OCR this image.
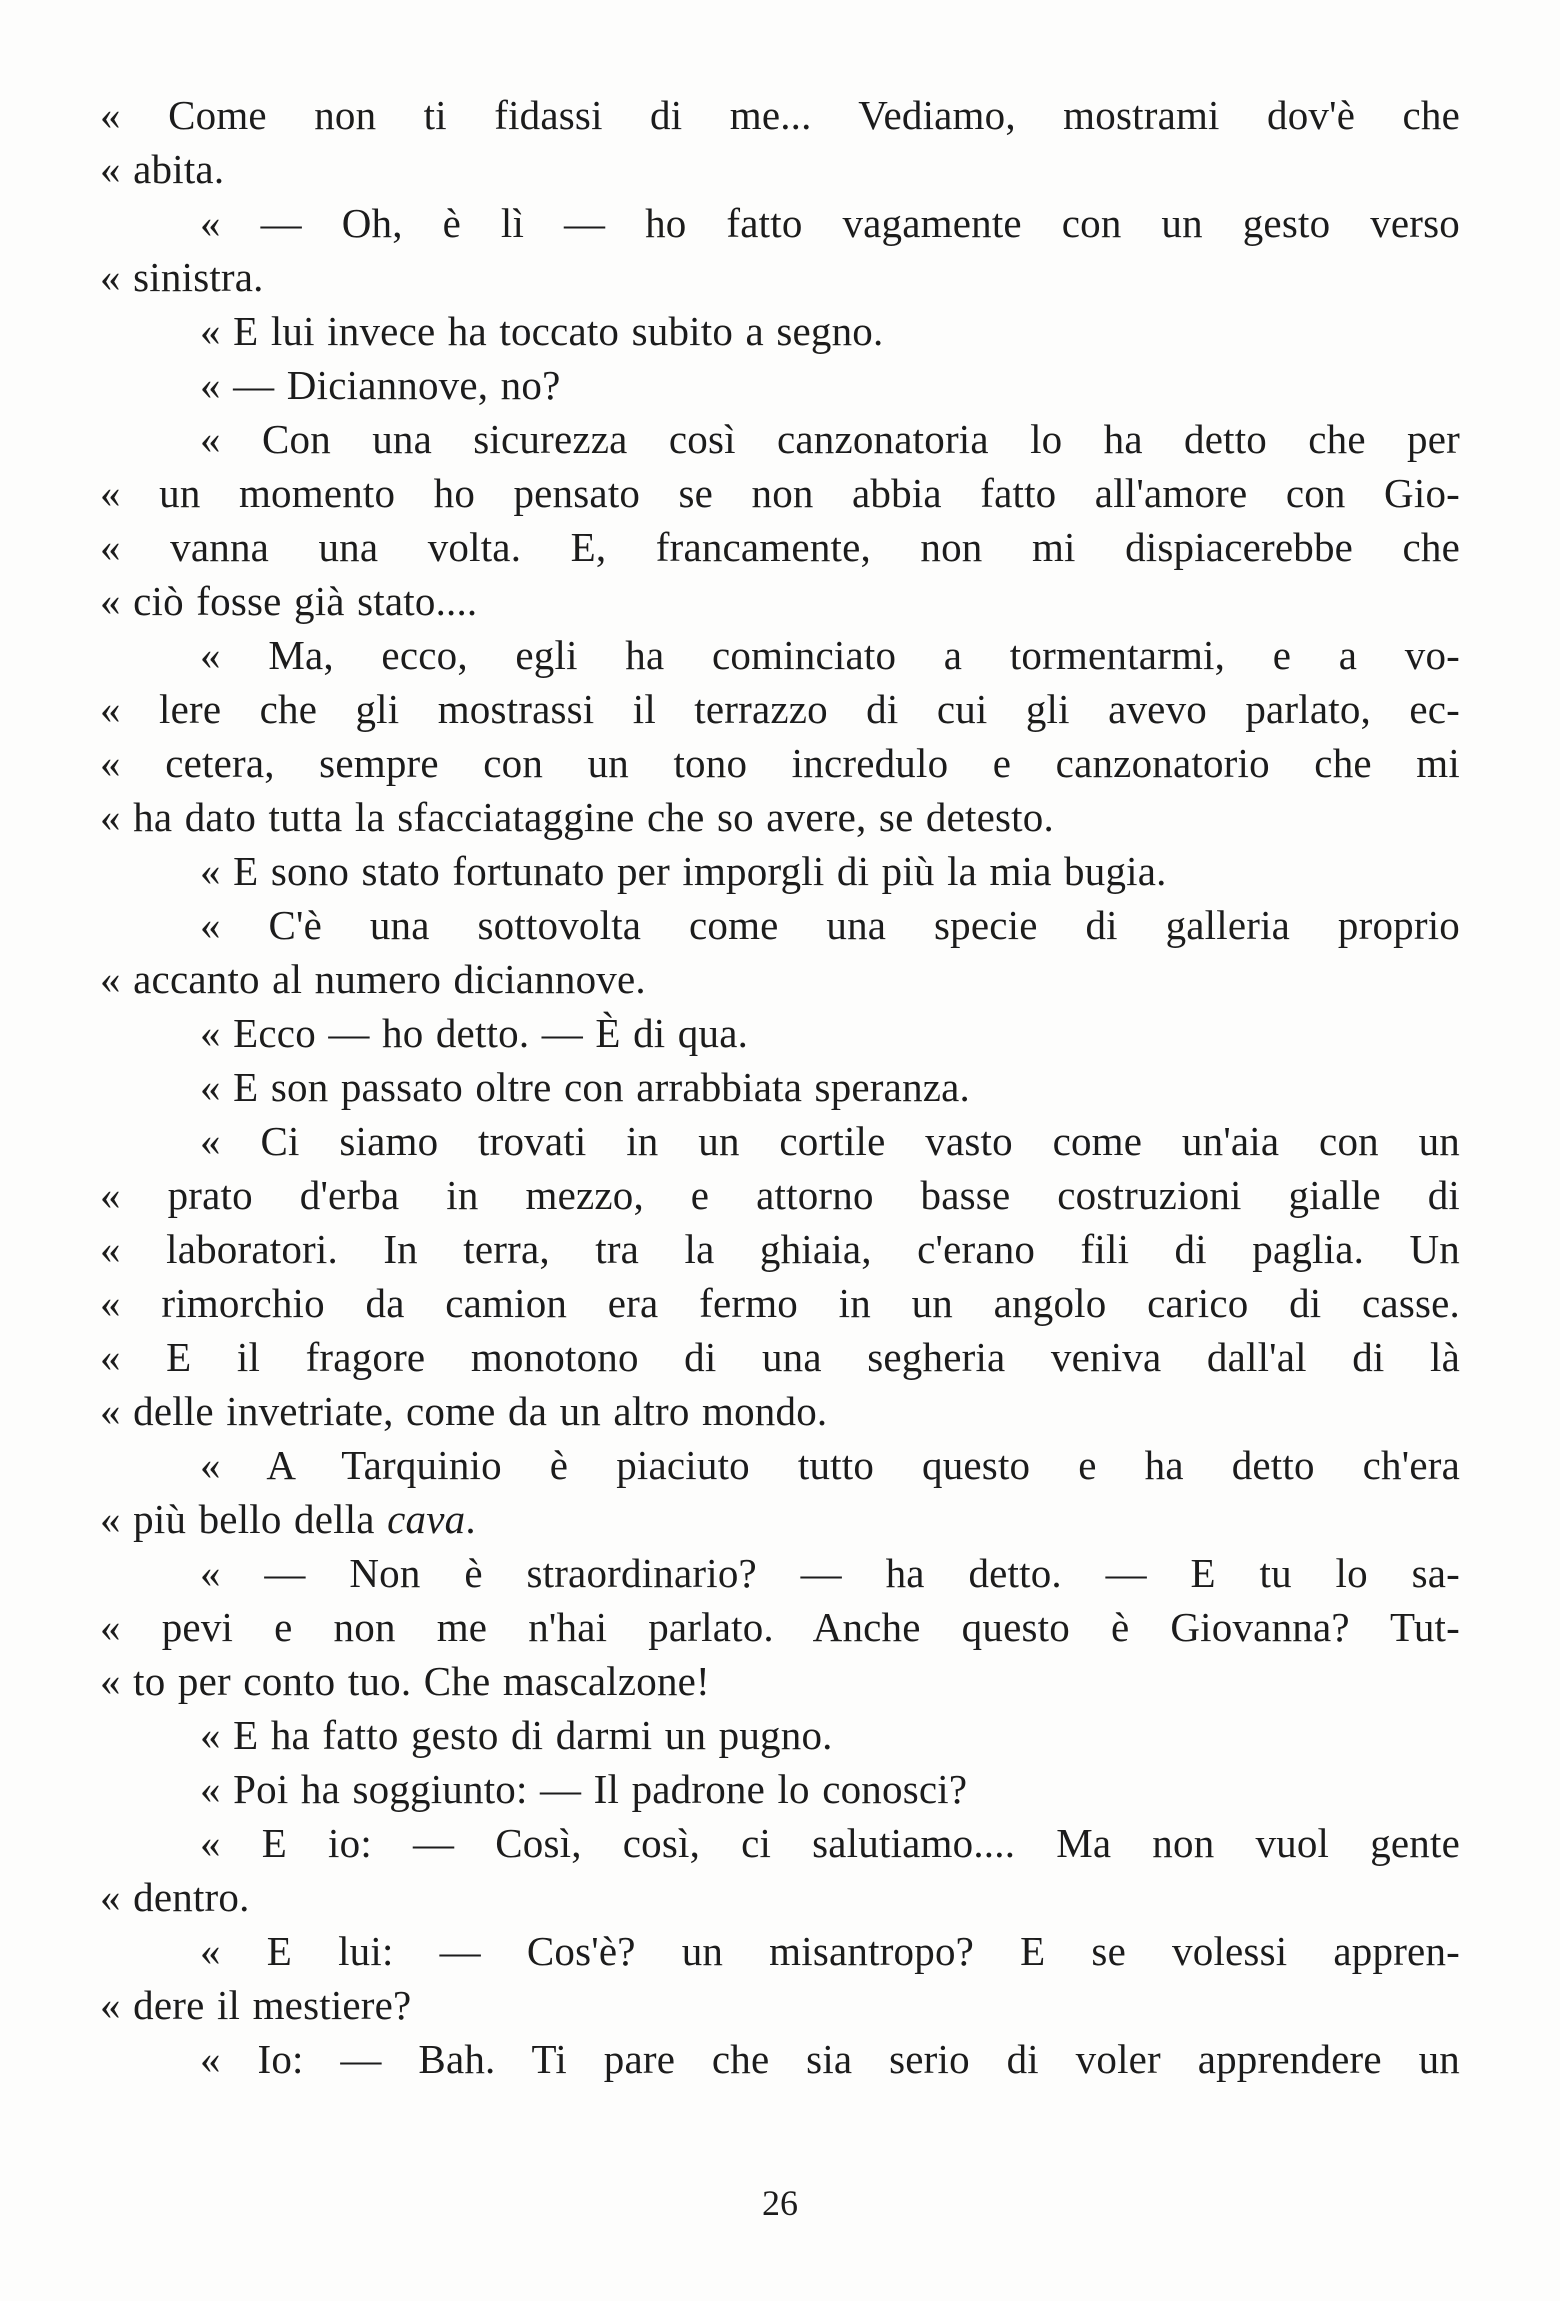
« Come non ti fidassi di me... Vediamo, mostrami dov'è che
« abita.
« — Oh, è lì — ho fatto vagamente con un gesto verso
« sinistra.
« E lui invece ha toccato subito a segno.
« — Diciannove, no?
« Con una sicurezza così canzonatoria lo ha detto che per
« un momento ho pensato se non abbia fatto all'amore con Gio-
« vanna una volta. E, francamente, non mi dispiacerebbe che
« ciò fosse già stato....
« Ma, ecco, egli ha cominciato a tormentarmi, e a vo-
« lere che gli mostrassi il terrazzo di cui gli avevo parlato, ec-
« cetera, sempre con un tono incredulo e canzonatorio che mi
« ha dato tutta la sfacciataggine che so avere, se detesto.
« E sono stato fortunato per imporgli di più la mia bugia.
« C'è una sottovolta come una specie di galleria proprio
« accanto al numero diciannove.
« Ecco — ho detto. — È di qua.
« E son passato oltre con arrabbiata speranza.
« Ci siamo trovati in un cortile vasto come un'aia con un
« prato d'erba in mezzo, e attorno basse costruzioni gialle di
« laboratori. In terra, tra la ghiaia, c'erano fili di paglia. Un
« rimorchio da camion era fermo in un angolo carico di casse.
« E il fragore monotono di una segheria veniva dall'al di là
« delle invetriate, come da un altro mondo.
« A Tarquinio è piaciuto tutto questo e ha detto ch'era
« più bello della cava.
« — Non è straordinario? — ha detto. — E tu lo sa-
« pevi e non me n'hai parlato. Anche questo è Giovanna? Tut-
« to per conto tuo. Che mascalzone!
« E ha fatto gesto di darmi un pugno.
« Poi ha soggiunto: — Il padrone lo conosci?
« E io: — Così, così, ci salutiamo.... Ma non vuol gente
« dentro.
« E lui: — Cos'è? un misantropo? E se volessi appren-
« dere il mestiere?
« Io: — Bah. Ti pare che sia serio di voler apprendere un
26
